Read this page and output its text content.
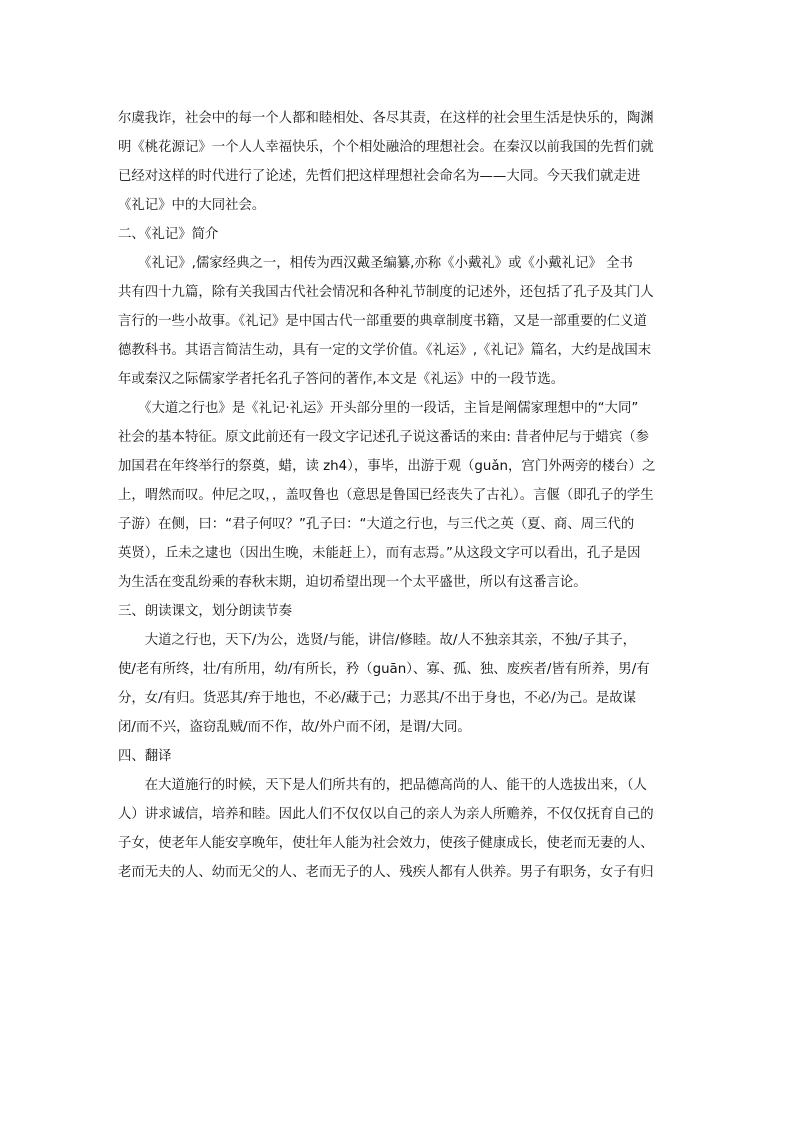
尔虞我诈，社会中的每一个人都和睦相处、各尽其责，在这样的社会里生活是快乐的，陶渊
明《桃花源记》一个人人幸福快乐，个个相处融洽的理想社会。在秦汉以前我国的先哲们就
已经对这样的时代进行了论述，先哲们把这样理想社会命名为——大同。今天我们就走进
《礼记》中的大同社会。
二、《礼记》简介
　　《礼记》,儒家经典之一，相传为西汉戴圣编纂,亦称《小戴礼》或《小戴礼记》 全书
共有四十九篇，除有关我国古代社会情况和各种礼节制度的记述外，还包括了孔子及其门人
言行的一些小故事。《礼记》是中国古代一部重要的典章制度书籍，又是一部重要的仁义道
德教科书。其语言简洁生动，具有一定的文学价值。《礼运》,《礼记》篇名，大约是战国末
年或秦汉之际儒家学者托名孔子答问的著作,本文是《礼运》中的一段节选。
　　《大道之行也》是《礼记·礼运》开头部分里的一段话，主旨是阐儒家理想中的“大同”
社会的基本特征。原文此前还有一段文字记述孔子说这番话的来由: 昔者仲尼与于蜡宾（参
加国君在年终举行的祭奠，蜡，读 zh4），事毕，出游于观（guǎn，宫门外两旁的楼台）之
上，喟然而叹。仲尼之叹，，盖叹鲁也（意思是鲁国已经丧失了古礼）。言偃（即孔子的学生
子游）在侧，曰：“君子何叹？”孔子曰：“大道之行也，与三代之英（夏、商、周三代的
英贤），丘未之逮也（因出生晚，未能赶上），而有志焉。”从这段文字可以看出，孔子是因
为生活在变乱纷乘的春秋末期，迫切希望出现一个太平盛世，所以有这番言论。
三、朗读课文，划分朗读节奏
　　大道之行也，天下/为公，选贤/与能，讲信/修睦。故/人不独亲其亲，不独/子其子，
使/老有所终，壮/有所用，幼/有所长，矜（guān）、寡、孤、独、废疾者/皆有所养，男/有
分，女/有归。货恶其/弃于地也，不必/藏于己；力恶其/不出于身也，不必/为己。是故谋
闭/而不兴，盗窃乱贼/而不作，故/外户而不闭，是谓/大同。
四、翻译
　　在大道施行的时候，天下是人们所共有的，把品德高尚的人、能干的人选拔出来，（人
人）讲求诚信，培养和睦。因此人们不仅仅以自己的亲人为亲人所赡养，不仅仅抚育自己的
子女，使老年人能安享晚年，使壮年人能为社会效力，使孩子健康成长，使老而无妻的人、
老而无夫的人、幼而无父的人、老而无子的人、残疾人都有人供养。男子有职务，女子有归
